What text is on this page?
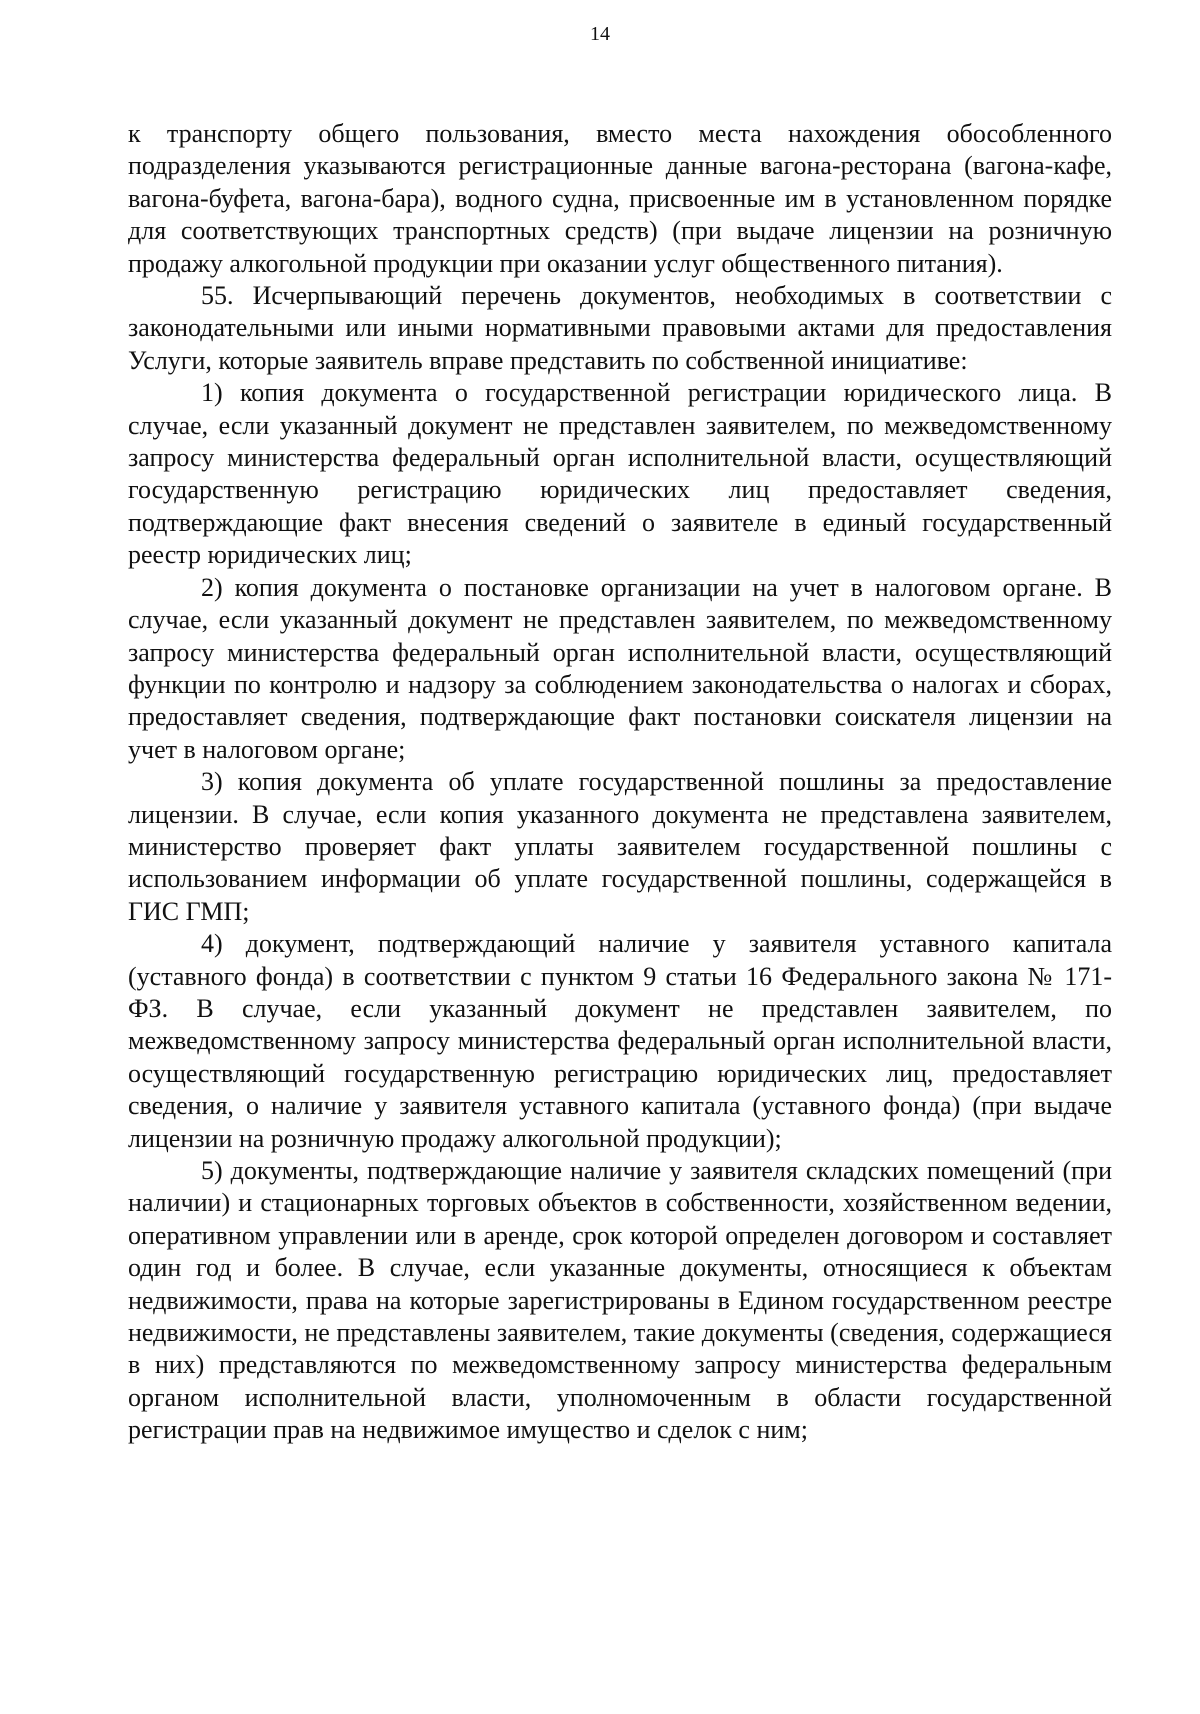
14

к транспорту общего пользования, вместо места нахождения обособленного подразделения указываются регистрационные данные вагона-ресторана (вагона-кафе, вагона-буфета, вагона-бара), водного судна, присвоенные им в установленном порядке для соответствующих транспортных средств) (при выдаче лицензии на розничную продажу алкогольной продукции при оказании услуг общественного питания).

55. Исчерпывающий перечень документов, необходимых в соответствии с законодательными или иными нормативными правовыми актами для предоставления Услуги, которые заявитель вправе представить по собственной инициативе:

1) копия документа о государственной регистрации юридического лица. В случае, если указанный документ не представлен заявителем, по межведомственному запросу министерства федеральный орган исполнительной власти, осуществляющий государственную регистрацию юридических лиц предоставляет сведения, подтверждающие факт внесения сведений о заявителе в единый государственный реестр юридических лиц;

2) копия документа о постановке организации на учет в налоговом органе. В случае, если указанный документ не представлен заявителем, по межведомственному запросу министерства федеральный орган исполнительной власти, осуществляющий функции по контролю и надзору за соблюдением законодательства о налогах и сборах, предоставляет сведения, подтверждающие факт постановки соискателя лицензии на учет в налоговом органе;

3) копия документа об уплате государственной пошлины за предоставление лицензии. В случае, если копия указанного документа не представлена заявителем, министерство проверяет факт уплаты заявителем государственной пошлины с использованием информации об уплате государственной пошлины, содержащейся в ГИС ГМП;

4) документ, подтверждающий наличие у заявителя уставного капитала (уставного фонда) в соответствии с пунктом 9 статьи 16 Федерального закона № 171-ФЗ. В случае, если указанный документ не представлен заявителем, по межведомственному запросу министерства федеральный орган исполнительной власти, осуществляющий государственную регистрацию юридических лиц, предоставляет сведения, о наличие у заявителя уставного капитала (уставного фонда) (при выдаче лицензии на розничную продажу алкогольной продукции);

5) документы, подтверждающие наличие у заявителя складских помещений (при наличии) и стационарных торговых объектов в собственности, хозяйственном ведении, оперативном управлении или в аренде, срок которой определен договором и составляет один год и более. В случае, если указанные документы, относящиеся к объектам недвижимости, права на которые зарегистрированы в Едином государственном реестре недвижимости, не представлены заявителем, такие документы (сведения, содержащиеся в них) представляются по межведомственному запросу министерства федеральным органом исполнительной власти, уполномоченным в области государственной регистрации прав на недвижимое имущество и сделок с ним;
